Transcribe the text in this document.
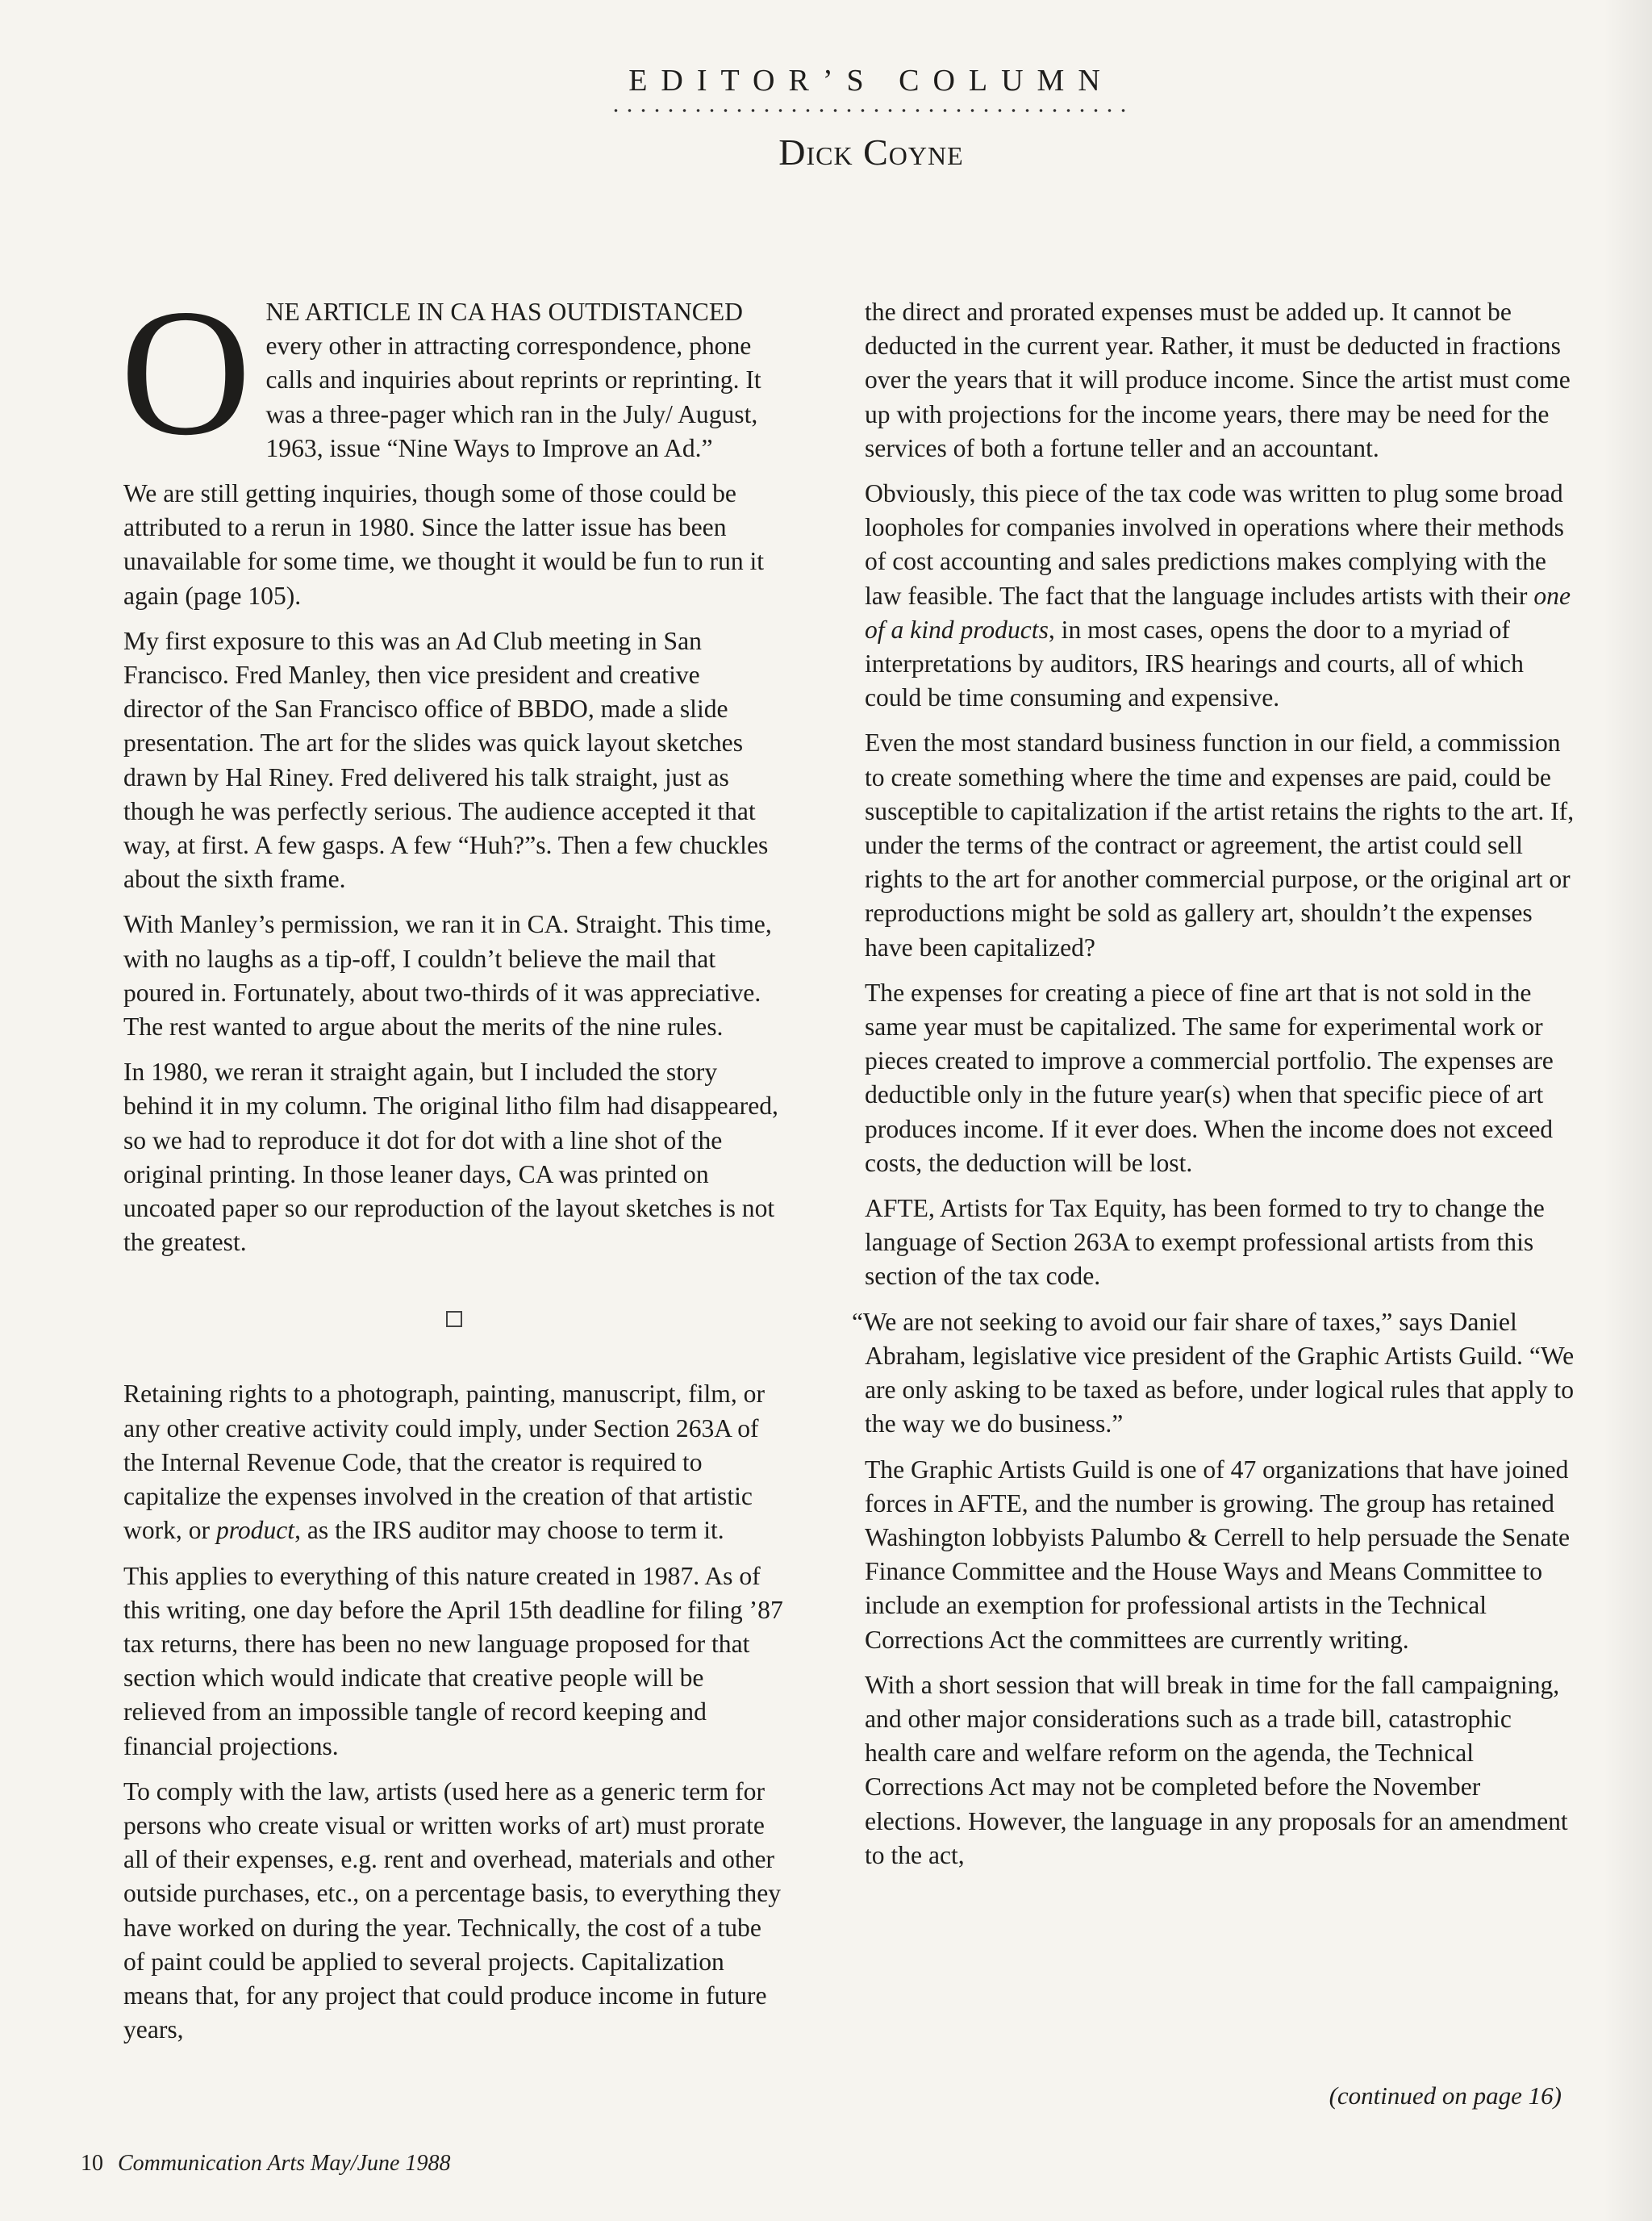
EDITOR’S COLUMN
Dick Coyne

ONE ARTICLE IN CA HAS OUTDISTANCED every other in attracting correspondence, phone calls and inquiries about reprints or reprinting. It was a three-pager which ran in the July/ August, 1963, issue “Nine Ways to Improve an Ad.”

We are still getting inquiries, though some of those could be attributed to a rerun in 1980. Since the latter issue has been unavailable for some time, we thought it would be fun to run it again (page 105).

My first exposure to this was an Ad Club meeting in San Francisco. Fred Manley, then vice president and creative director of the San Francisco office of BBDO, made a slide presentation. The art for the slides was quick layout sketches drawn by Hal Riney. Fred delivered his talk straight, just as though he was perfectly serious. The audience accepted it that way, at first. A few gasps. A few “Huh?”s. Then a few chuckles about the sixth frame.

With Manley’s permission, we ran it in CA. Straight. This time, with no laughs as a tip-off, I couldn’t believe the mail that poured in. Fortunately, about two-thirds of it was appreciative. The rest wanted to argue about the merits of the nine rules.

In 1980, we reran it straight again, but I included the story behind it in my column. The original litho film had disappeared, so we had to reproduce it dot for dot with a line shot of the original printing. In those leaner days, CA was printed on uncoated paper so our reproduction of the layout sketches is not the greatest.

Retaining rights to a photograph, painting, manuscript, film, or any other creative activity could imply, under Section 263A of the Internal Revenue Code, that the creator is required to capitalize the expenses involved in the creation of that artistic work, or product, as the IRS auditor may choose to term it.

This applies to everything of this nature created in 1987. As of this writing, one day before the April 15th deadline for filing ’87 tax returns, there has been no new language proposed for that section which would indicate that creative people will be relieved from an impossible tangle of record keeping and financial projections.

To comply with the law, artists (used here as a generic term for persons who create visual or written works of art) must prorate all of their expenses, e.g. rent and overhead, materials and other outside purchases, etc., on a percentage basis, to everything they have worked on during the year. Technically, the cost of a tube of paint could be applied to several projects. Capitalization means that, for any project that could produce income in future years,

the direct and prorated expenses must be added up. It cannot be deducted in the current year. Rather, it must be deducted in fractions over the years that it will produce income. Since the artist must come up with projections for the income years, there may be need for the services of both a fortune teller and an accountant.

Obviously, this piece of the tax code was written to plug some broad loopholes for companies involved in operations where their methods of cost accounting and sales predictions makes complying with the law feasible. The fact that the language includes artists with their one of a kind products, in most cases, opens the door to a myriad of interpretations by auditors, IRS hearings and courts, all of which could be time consuming and expensive.

Even the most standard business function in our field, a commission to create something where the time and expenses are paid, could be susceptible to capitalization if the artist retains the rights to the art. If, under the terms of the contract or agreement, the artist could sell rights to the art for another commercial purpose, or the original art or reproductions might be sold as gallery art, shouldn’t the expenses have been capitalized?

The expenses for creating a piece of fine art that is not sold in the same year must be capitalized. The same for experimental work or pieces created to improve a commercial portfolio. The expenses are deductible only in the future year(s) when that specific piece of art produces income. If it ever does. When the income does not exceed costs, the deduction will be lost.

AFTE, Artists for Tax Equity, has been formed to try to change the language of Section 263A to exempt professional artists from this section of the tax code.

“We are not seeking to avoid our fair share of taxes,” says Daniel Abraham, legislative vice president of the Graphic Artists Guild. “We are only asking to be taxed as before, under logical rules that apply to the way we do business.”

The Graphic Artists Guild is one of 47 organizations that have joined forces in AFTE, and the number is growing. The group has retained Washington lobbyists Palumbo & Cerrell to help persuade the Senate Finance Committee and the House Ways and Means Committee to include an exemption for professional artists in the Technical Corrections Act the committees are currently writing.

With a short session that will break in time for the fall campaigning, and other major considerations such as a trade bill, catastrophic health care and welfare reform on the agenda, the Technical Corrections Act may not be completed before the November elections. However, the language in any proposals for an amendment to the act,

(continued on page 16)
10 Communication Arts May/June 1988
